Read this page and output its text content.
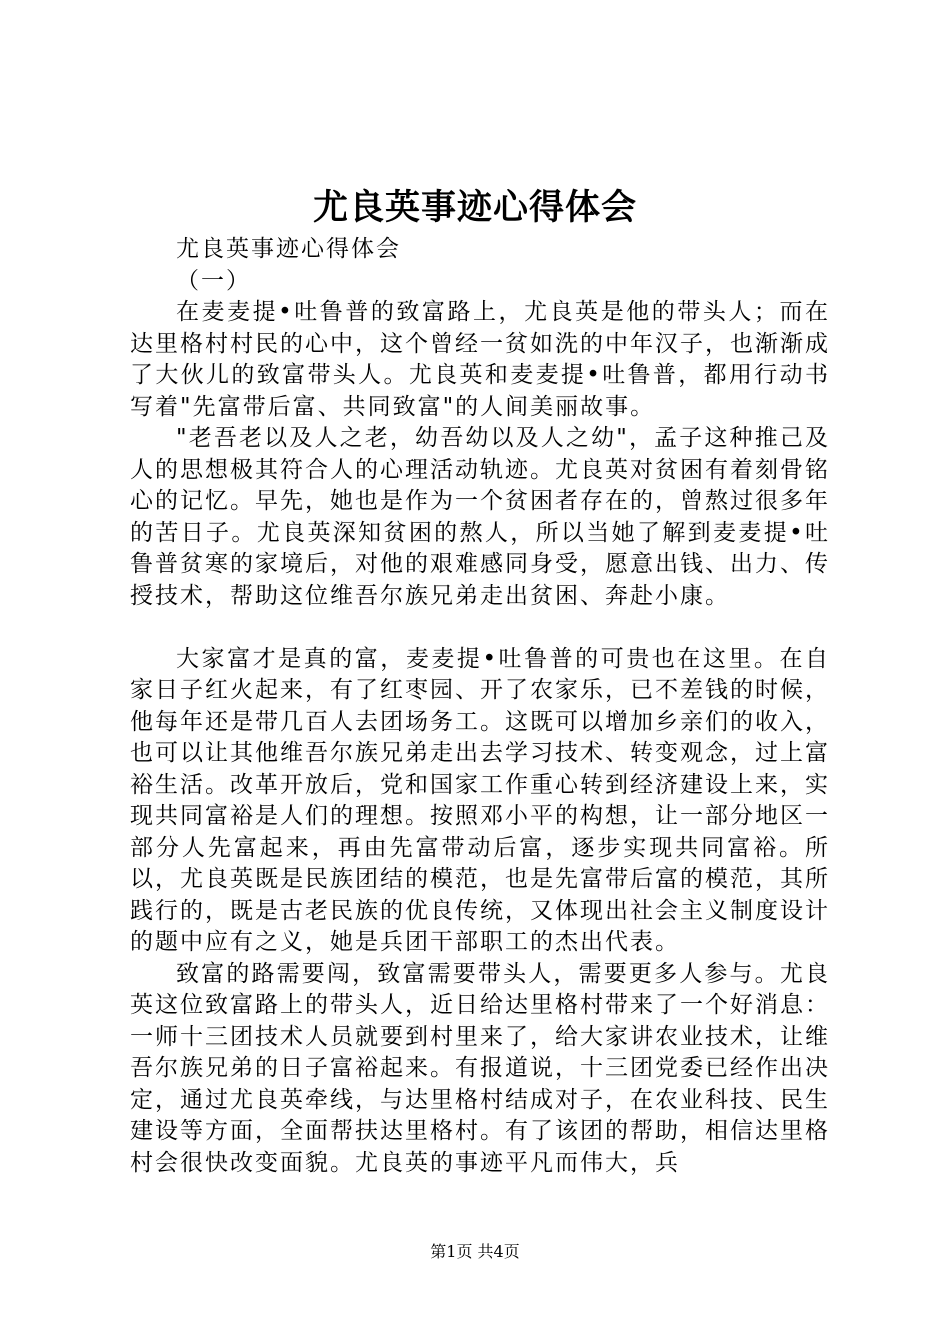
尤良英事迹心得体会

尤良英事迹心得体会

（一）

在麦麦提•吐鲁普的致富路上，尤良英是他的带头人；而在达里格村村民的心中，这个曾经一贫如洗的中年汉子，也渐渐成了大伙儿的致富带头人。尤良英和麦麦提•吐鲁普，都用行动书写着"先富带后富、共同致富"的人间美丽故事。

"老吾老以及人之老，幼吾幼以及人之幼"，孟子这种推己及人的思想极其符合人的心理活动轨迹。尤良英对贫困有着刻骨铭心的记忆。早先，她也是作为一个贫困者存在的，曾熬过很多年的苦日子。尤良英深知贫困的熬人，所以当她了解到麦麦提•吐鲁普贫寒的家境后，对他的艰难感同身受，愿意出钱、出力、传授技术，帮助这位维吾尔族兄弟走出贫困、奔赴小康。

大家富才是真的富，麦麦提•吐鲁普的可贵也在这里。在自家日子红火起来，有了红枣园、开了农家乐，已不差钱的时候，他每年还是带几百人去团场务工。这既可以增加乡亲们的收入，也可以让其他维吾尔族兄弟走出去学习技术、转变观念，过上富裕生活。改革开放后，党和国家工作重心转到经济建设上来，实现共同富裕是人们的理想。按照邓小平的构想，让一部分地区一部分人先富起来，再由先富带动后富，逐步实现共同富裕。所以，尤良英既是民族团结的模范，也是先富带后富的模范，其所践行的，既是古老民族的优良传统，又体现出社会主义制度设计的题中应有之义，她是兵团干部职工的杰出代表。

致富的路需要闯，致富需要带头人，需要更多人参与。尤良英这位致富路上的带头人，近日给达里格村带来了一个好消息：一师十三团技术人员就要到村里来了，给大家讲农业技术，让维吾尔族兄弟的日子富裕起来。有报道说，十三团党委已经作出决定，通过尤良英牵线，与达里格村结成对子，在农业科技、民生建设等方面，全面帮扶达里格村。有了该团的帮助，相信达里格村会很快改变面貌。尤良英的事迹平凡而伟大，兵

第1页 共4页
